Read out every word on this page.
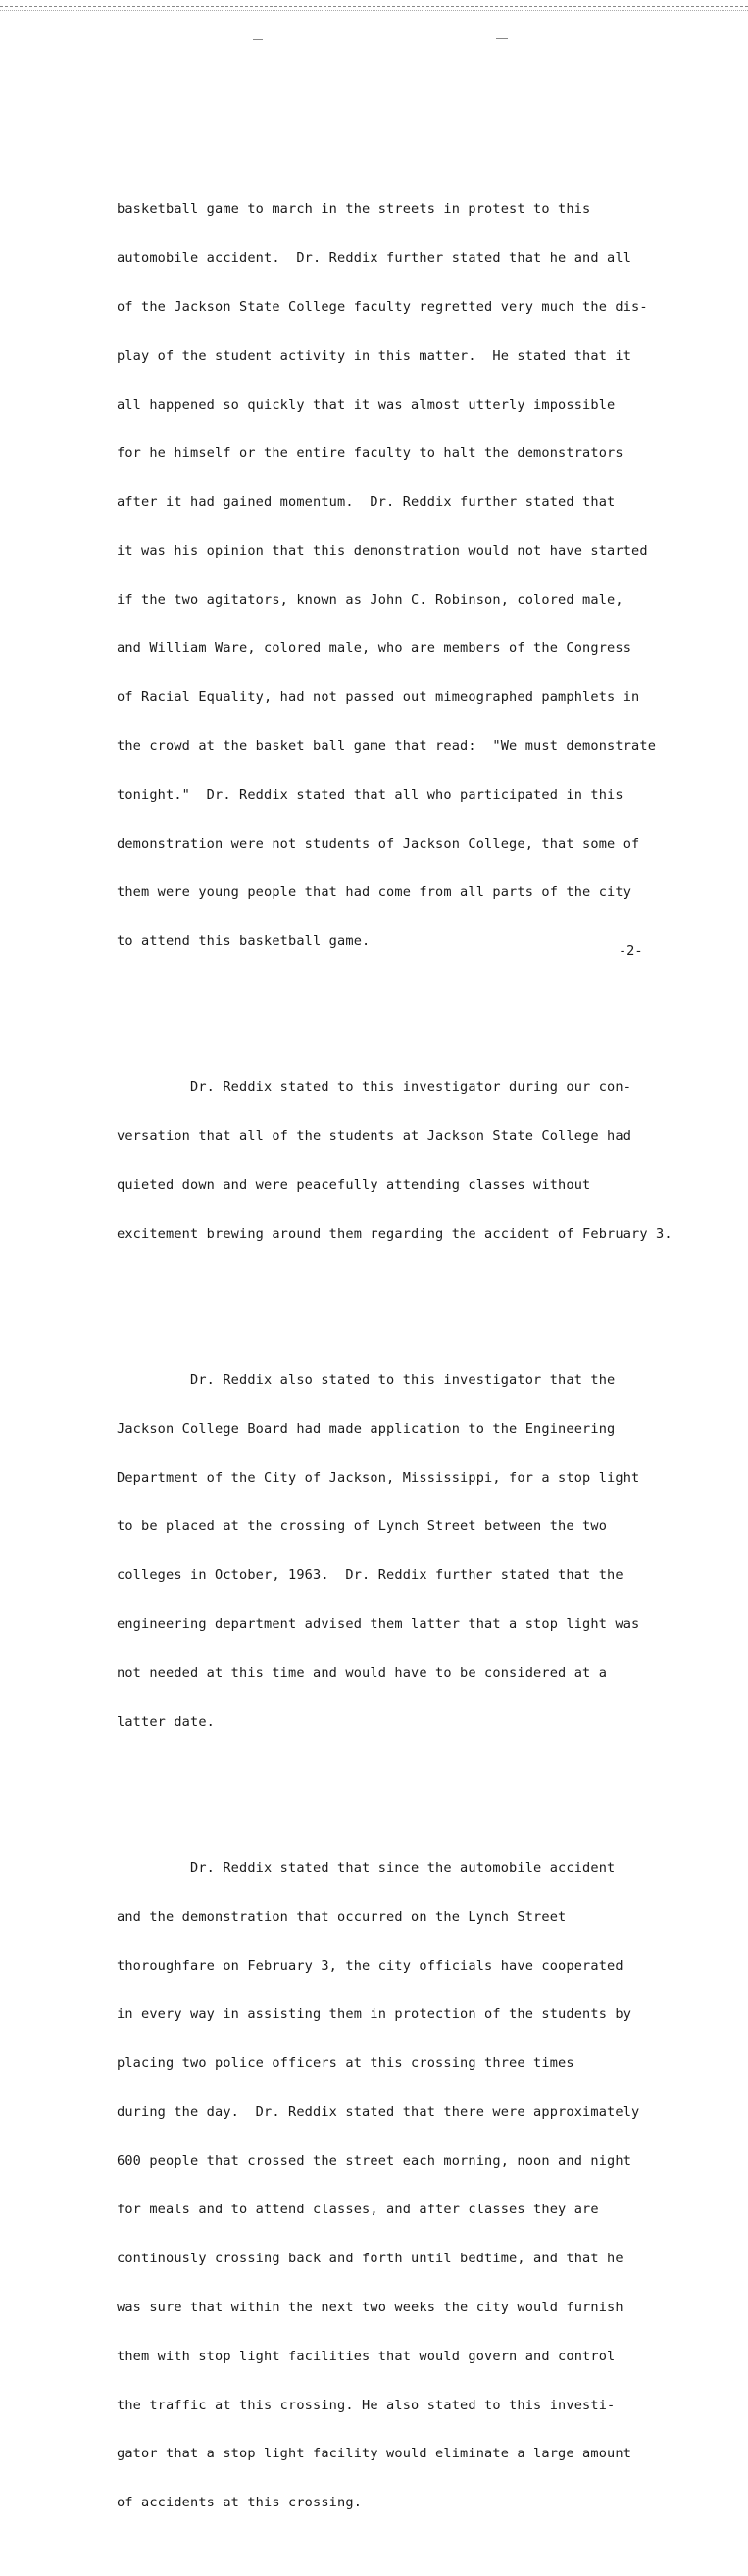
basketball game to march in the streets in protest to this

automobile accident.  Dr. Reddix further stated that he and all

of the Jackson State College faculty regretted very much the dis-

play of the student activity in this matter.  He stated that it

all happened so quickly that it was almost utterly impossible

for he himself or the entire faculty to halt the demonstrators

after it had gained momentum.  Dr. Reddix further stated that

it was his opinion that this demonstration would not have started

if the two agitators, known as John C. Robinson, colored male,

and William Ware, colored male, who are members of the Congress

of Racial Equality, had not passed out mimeographed pamphlets in

the crowd at the basket ball game that read:  "We must demonstrate

tonight."  Dr. Reddix stated that all who participated in this

demonstration were not students of Jackson College, that some of

them were young people that had come from all parts of the city

to attend this basketball game.

Dr. Reddix stated to this investigator during our con-

versation that all of the students at Jackson State College had

quieted down and were peacefully attending classes without

excitement brewing around them regarding the accident of February 3.

Dr. Reddix also stated to this investigator that the

Jackson College Board had made application to the Engineering

Department of the City of Jackson, Mississippi, for a stop light

to be placed at the crossing of Lynch Street between the two

colleges in October, 1963.  Dr. Reddix further stated that the

engineering department advised them latter that a stop light was

not needed at this time and would have to be considered at a

latter date.

Dr. Reddix stated that since the automobile accident

and the demonstration that occurred on the Lynch Street

thoroughfare on February 3, the city officials have cooperated

in every way in assisting them in protection of the students by

placing two police officers at this crossing three times

during the day.  Dr. Reddix stated that there were approximately

600 people that crossed the street each morning, noon and night

for meals and to attend classes, and after classes they are

continously crossing back and forth until bedtime, and that he

was sure that within the next two weeks the city would furnish

them with stop light facilities that would govern and control

the traffic at this crossing. He also stated to this investi-

gator that a stop light facility would eliminate a large amount

of accidents at this crossing.

-2-
